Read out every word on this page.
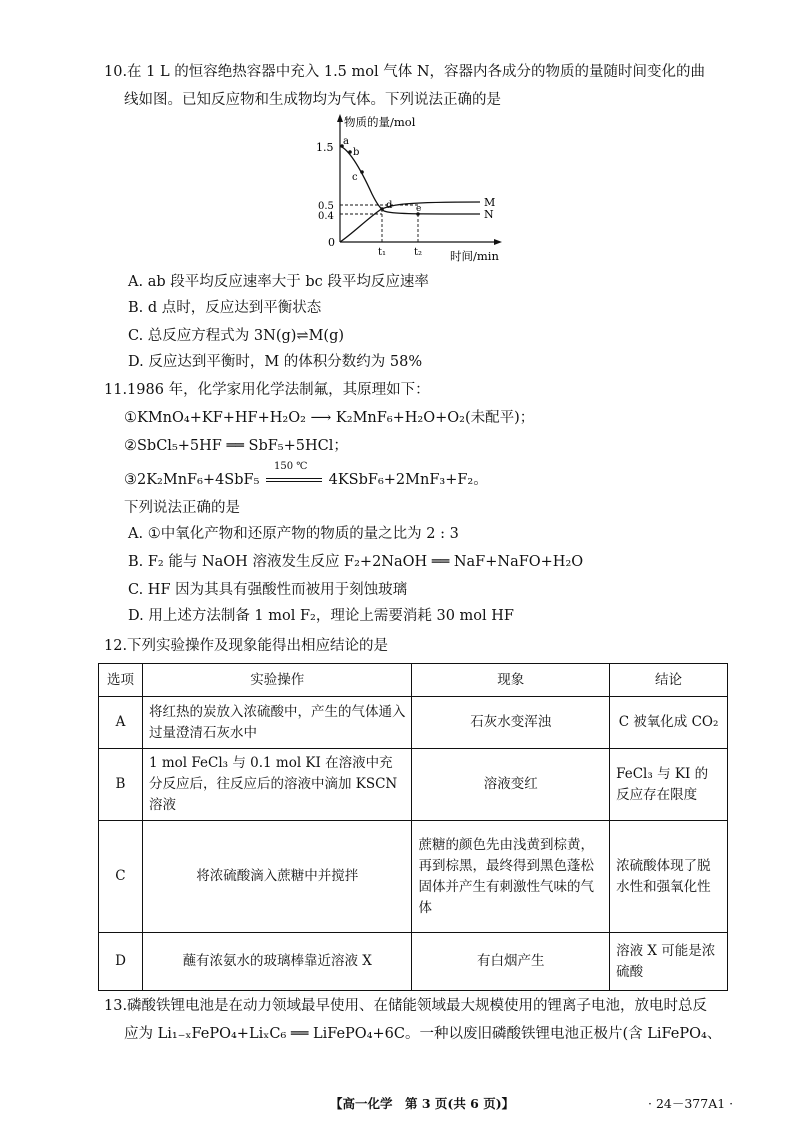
10.在 1 L 的恒容绝热容器中充入 1.5 mol 气体 N，容器内各成分的物质的量随时间变化的曲
线如图。已知反应物和生成物均为气体。下列说法正确的是
物质的量/mol
时间/min
1.5
0.5
0.4
0
a
b
c
d	e	M
N
t₁	t₂
A. ab 段平均反应速率大于 bc 段平均反应速率
B. d 点时，反应达到平衡状态
C. 总反应方程式为 3N(g)⇌M(g)
D. 反应达到平衡时，M 的体积分数约为 58%
11.1986 年，化学家用化学法制氟，其原理如下：
①KMnO₄+KF+HF+H₂O₂ ⟶ K₂MnF₆+H₂O+O₂(未配平)；
②SbCl₅+5HF ══ SbF₅+5HCl；
③2K₂MnF₆+4SbF₅
150 ℃
4KSbF₆+2MnF₃+F₂。
下列说法正确的是
A. ①中氧化产物和还原产物的物质的量之比为 2 : 3
B. F₂ 能与 NaOH 溶液发生反应 F₂+2NaOH ══ NaF+NaFO+H₂O
C. HF 因为其具有强酸性而被用于刻蚀玻璃
D. 用上述方法制备 1 mol F₂，理论上需要消耗 30 mol HF
12.下列实验操作及现象能得出相应结论的是
选项	实验操作	现象	结论
A	将红热的炭放入浓硫酸中，产生的气体通入过量澄清石灰水中	石灰水变浑浊	C 被氧化成 CO₂
B	1 mol FeCl₃ 与 0.1 mol KI 在溶液中充分反应后，往反应后的溶液中滴加 KSCN 溶液	溶液变红	FeCl₃ 与 KI 的反应存在限度
C	将浓硫酸滴入蔗糖中并搅拌	蔗糖的颜色先由浅黄到棕黄，再到棕黑，最终得到黑色蓬松固体并产生有刺激性气味的气体	浓硫酸体现了脱水性和强氧化性
D	蘸有浓氨水的玻璃棒靠近溶液 X	有白烟产生	溶液 X 可能是浓硫酸
13.磷酸铁锂电池是在动力领域最早使用、在储能领域最大规模使用的锂离子电池，放电时总反
应为 Li₁₋ₓFePO₄+LiₓC₆ ══ LiFePO₄+6C。一种以废旧磷酸铁锂电池正极片(含 LiFePO₄、
【高一化学　第 3 页(共 6 页)】	· 24－377A1 ·
